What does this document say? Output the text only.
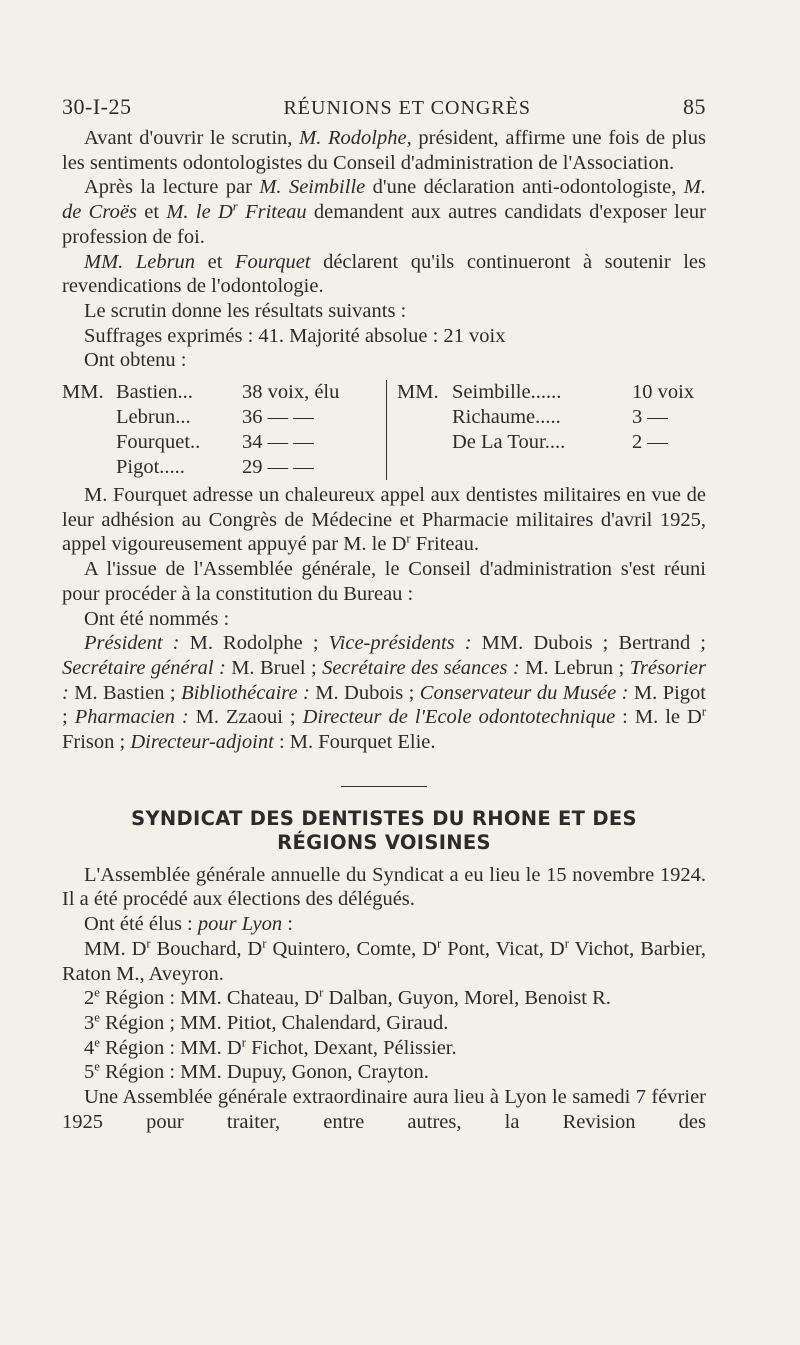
30-I-25	RÉUNIONS ET CONGRÈS	85

Avant d'ouvrir le scrutin, M. Rodolphe, président, affirme une fois de plus les sentiments odontologistes du Conseil d'administration de l'Association.

Après la lecture par M. Seimbille d'une déclaration anti-odontologiste, M. de Croës et M. le $D^r$ Friteau demandent aux autres candidats d'exposer leur profession de foi.

MM. Lebrun et Fourquet déclarent qu'ils continueront à soutenir les revendications de l'odontologie.

Le scrutin donne les résultats suivants :

Suffrages exprimés : 41. Majorité absolue : 21 voix

Ont obtenu :

MM. Bastien...	38 voix, élu
Lebrun...	36 — —
Fourquet..	34 — —
Pigot.....	29 — —
MM. Seimbille......	10 voix
Richaume.....	3 —
De La Tour....	2 —

M. Fourquet adresse un chaleureux appel aux dentistes militaires en vue de leur adhésion au Congrès de Médecine et Pharmacie militaires d'avril 1925, appel vigoureusement appuyé par M. le $D^r$ Friteau.

A l'issue de l'Assemblée générale, le Conseil d'administration s'est réuni pour procéder à la constitution du Bureau :

Ont été nommés :

Président : M. Rodolphe ; Vice-présidents : MM. Dubois ; Bertrand ; Secrétaire général : M. Bruel ; Secrétaire des séances : M. Lebrun ; Trésorier : M. Bastien ; Bibliothécaire : M. Dubois ; Conservateur du Musée : M. Pigot ; Pharmacien : M. Zzaoui ; Directeur de l'Ecole odontotechnique : M. le $D^r$ Frison ; Directeur-adjoint : M. Fourquet Elie.

SYNDICAT DES DENTISTES DU RHONE ET DES
RÉGIONS VOISINES

L'Assemblée générale annuelle du Syndicat a eu lieu le 15 novembre 1924. Il a été procédé aux élections des délégués.

Ont été élus : pour Lyon :

MM. $D^r$ Bouchard, $D^r$ Quintero, Comte, $D^r$ Pont, Vicat, $D^r$ Vichot, Barbier, Raton M., Aveyron.

2e Région : MM. Chateau, $D^r$ Dalban, Guyon, Morel, Benoist R.

3e Région ; MM. Pitiot, Chalendard, Giraud.

4e Région : MM. $D^r$ Fichot, Dexant, Pélissier.

5e Région : MM. Dupuy, Gonon, Crayton.

Une Assemblée générale extraordinaire aura lieu à Lyon le samedi 7 février 1925 pour traiter, entre autres, la Revision des
